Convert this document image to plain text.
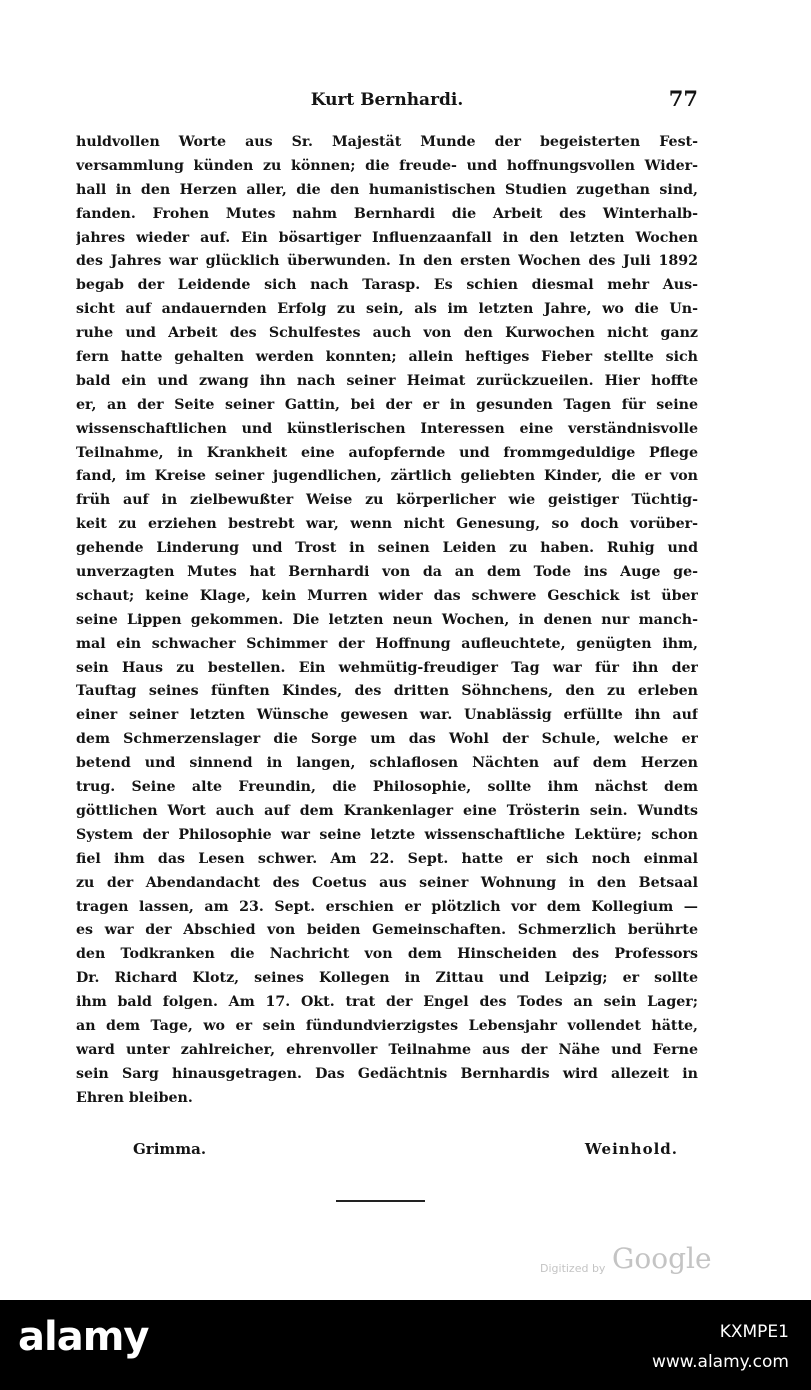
Kurt Bernhardi.	77
huldvollen Worte aus Sr. Majestät Munde der begeisterten Fest-
versammlung künden zu können; die freude- und hoffnungsvollen Wider-
hall in den Herzen aller, die den humanistischen Studien zugethan sind,
fanden. Frohen Mutes nahm Bernhardi die Arbeit des Winterhalb-
jahres wieder auf. Ein bösartiger Influenzaanfall in den letzten Wochen
des Jahres war glücklich überwunden. In den ersten Wochen des Juli 1892
begab der Leidende sich nach Tarasp. Es schien diesmal mehr Aus-
sicht auf andauernden Erfolg zu sein, als im letzten Jahre, wo die Un-
ruhe und Arbeit des Schulfestes auch von den Kurwochen nicht ganz
fern hatte gehalten werden konnten; allein heftiges Fieber stellte sich
bald ein und zwang ihn nach seiner Heimat zurückzueilen. Hier hoffte
er, an der Seite seiner Gattin, bei der er in gesunden Tagen für seine
wissenschaftlichen und künstlerischen Interessen eine verständnisvolle
Teilnahme, in Krankheit eine aufopfernde und frommgeduldige Pflege
fand, im Kreise seiner jugendlichen, zärtlich geliebten Kinder, die er von
früh auf in zielbewußter Weise zu körperlicher wie geistiger Tüchtig-
keit zu erziehen bestrebt war, wenn nicht Genesung, so doch vorüber-
gehende Linderung und Trost in seinen Leiden zu haben. Ruhig und
unverzagten Mutes hat Bernhardi von da an dem Tode ins Auge ge-
schaut; keine Klage, kein Murren wider das schwere Geschick ist über
seine Lippen gekommen. Die letzten neun Wochen, in denen nur manch-
mal ein schwacher Schimmer der Hoffnung aufleuchtete, genügten ihm,
sein Haus zu bestellen. Ein wehmütig-freudiger Tag war für ihn der
Tauftag seines fünften Kindes, des dritten Söhnchens, den zu erleben
einer seiner letzten Wünsche gewesen war. Unablässig erfüllte ihn auf
dem Schmerzenslager die Sorge um das Wohl der Schule, welche er
betend und sinnend in langen, schlaflosen Nächten auf dem Herzen
trug. Seine alte Freundin, die Philosophie, sollte ihm nächst dem
göttlichen Wort auch auf dem Krankenlager eine Trösterin sein. Wundts
System der Philosophie war seine letzte wissenschaftliche Lektüre; schon
fiel ihm das Lesen schwer. Am 22. Sept. hatte er sich noch einmal
zu der Abendandacht des Coetus aus seiner Wohnung in den Betsaal
tragen lassen, am 23. Sept. erschien er plötzlich vor dem Kollegium —
es war der Abschied von beiden Gemeinschaften. Schmerzlich berührte
den Todkranken die Nachricht von dem Hinscheiden des Professors
Dr. Richard Klotz, seines Kollegen in Zittau und Leipzig; er sollte
ihm bald folgen. Am 17. Okt. trat der Engel des Todes an sein Lager;
an dem Tage, wo er sein fündundvierzigstes Lebensjahr vollendet hätte,
ward unter zahlreicher, ehrenvoller Teilnahme aus der Nähe und Ferne
sein Sarg hinausgetragen. Das Gedächtnis Bernhardis wird allezeit in
Ehren bleiben.
Grimma.	Weinhold.
Digitized by Google
alamy	KXMPE1
www.alamy.com
